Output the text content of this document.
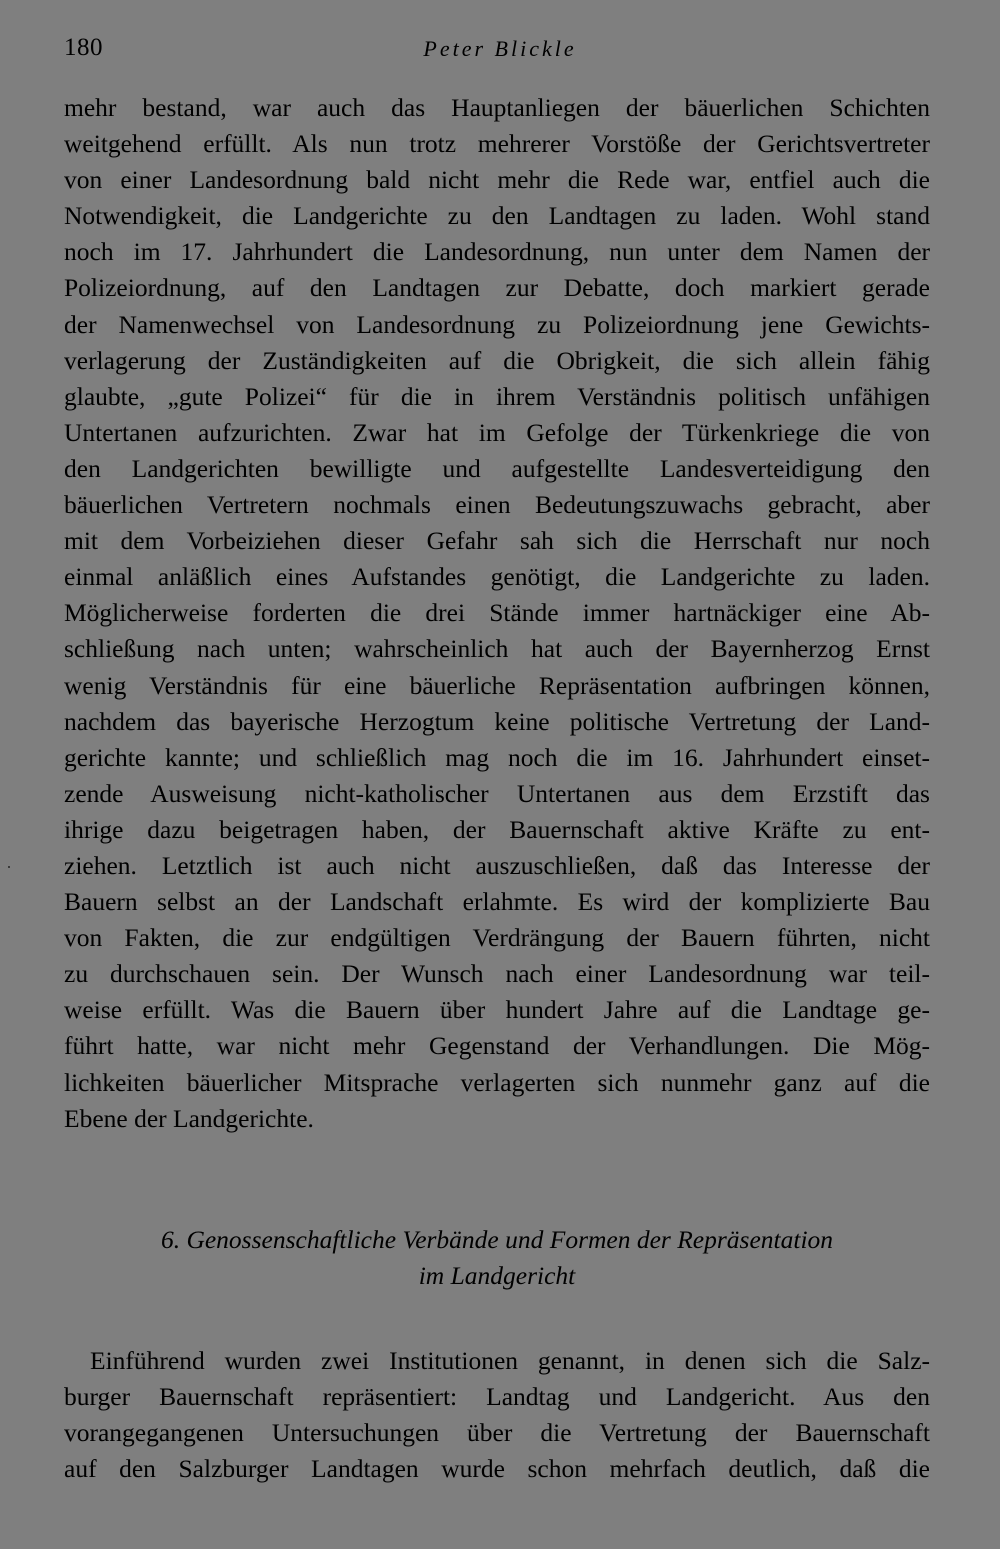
180	Peter Blickle
mehr bestand, war auch das Hauptanliegen der bäuerlichen Schichten
weitgehend erfüllt. Als nun trotz mehrerer Vorstöße der Gerichtsvertreter
von einer Landesordnung bald nicht mehr die Rede war, entfiel auch die
Notwendigkeit, die Landgerichte zu den Landtagen zu laden. Wohl stand
noch im 17. Jahrhundert die Landesordnung, nun unter dem Namen der
Polizeiordnung, auf den Landtagen zur Debatte, doch markiert gerade
der Namenwechsel von Landesordnung zu Polizeiordnung jene Gewichts-
verlagerung der Zuständigkeiten auf die Obrigkeit, die sich allein fähig
glaubte, „gute Polizei“ für die in ihrem Verständnis politisch unfähigen
Untertanen aufzurichten. Zwar hat im Gefolge der Türkenkriege die von
den Landgerichten bewilligte und aufgestellte Landesverteidigung den
bäuerlichen Vertretern nochmals einen Bedeutungszuwachs gebracht, aber
mit dem Vorbeiziehen dieser Gefahr sah sich die Herrschaft nur noch
einmal anläßlich eines Aufstandes genötigt, die Landgerichte zu laden.
Möglicherweise forderten die drei Stände immer hartnäckiger eine Ab-
schließung nach unten; wahrscheinlich hat auch der Bayernherzog Ernst
wenig Verständnis für eine bäuerliche Repräsentation aufbringen können,
nachdem das bayerische Herzogtum keine politische Vertretung der Land-
gerichte kannte; und schließlich mag noch die im 16. Jahrhundert einset-
zende Ausweisung nicht-katholischer Untertanen aus dem Erzstift das
ihrige dazu beigetragen haben, der Bauernschaft aktive Kräfte zu ent-
ziehen. Letztlich ist auch nicht auszuschließen, daß das Interesse der
Bauern selbst an der Landschaft erlahmte. Es wird der komplizierte Bau
von Fakten, die zur endgültigen Verdrängung der Bauern führten, nicht
zu durchschauen sein. Der Wunsch nach einer Landesordnung war teil-
weise erfüllt. Was die Bauern über hundert Jahre auf die Landtage ge-
führt hatte, war nicht mehr Gegenstand der Verhandlungen. Die Mög-
lichkeiten bäuerlicher Mitsprache verlagerten sich nunmehr ganz auf die
Ebene der Landgerichte.
6. Genossenschaftliche Verbände und Formen der Repräsentation
im Landgericht
Einführend wurden zwei Institutionen genannt, in denen sich die Salz-
burger Bauernschaft repräsentiert: Landtag und Landgericht. Aus den
vorangegangenen Untersuchungen über die Vertretung der Bauernschaft
auf den Salzburger Landtagen wurde schon mehrfach deutlich, daß die
